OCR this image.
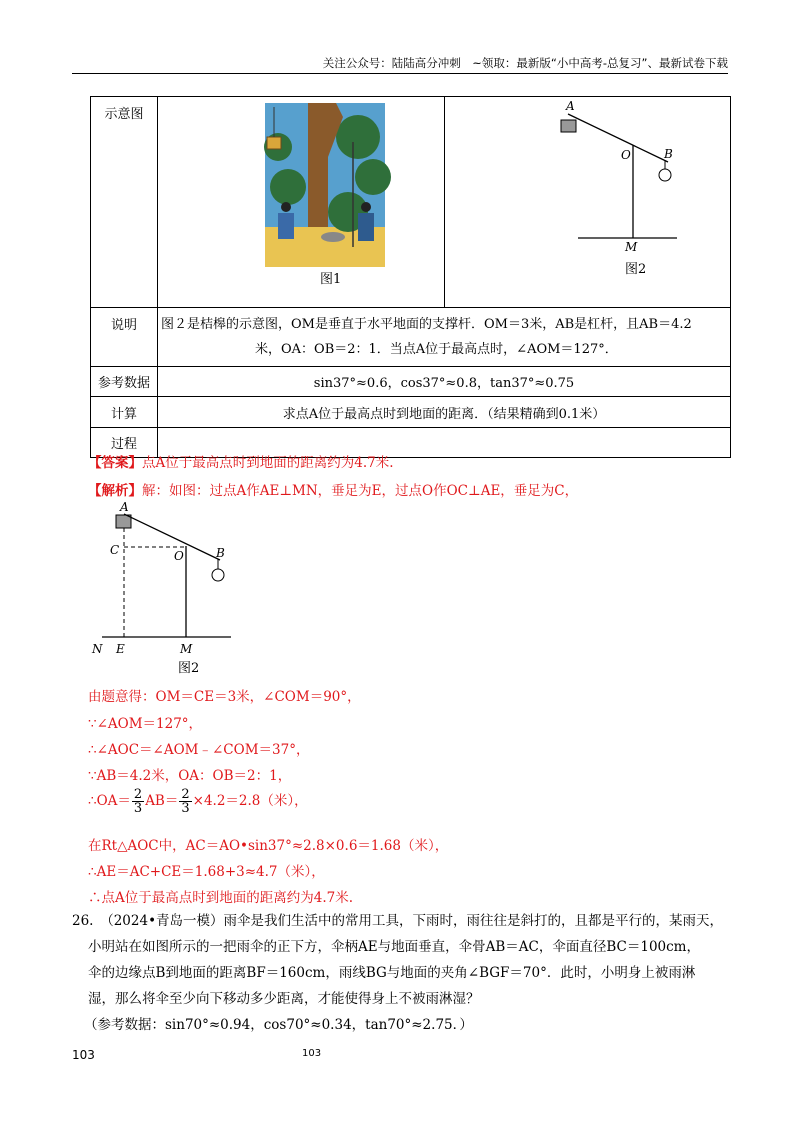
关注公众号：陆陆高分冲刺　~领取：最新版“小中高考-总复习”、最新试卷下载
示意图	图1	A
O B
M
图2

说明	图２是桔槔的示意图，OM是垂直于水平地面的支撑杆．OM＝3米，AB是杠杆，且AB＝4.2
米，OA：OB＝2：1．当点A位于最高点时，∠AOM＝127°．	

参考数据	sin37°≈0.6，cos37°≈0.8，tan37°≈0.75	
计算	求点A位于最高点时到地面的距离．（结果精确到0.1米）	
过程		
【答案】点A位于最高点时到地面的距离约为4.7米.
【解析】解：如图：过点A作AE⊥MN，垂足为E，过点O作OC⊥AE，垂足为C，
A
C	O	B
N E	M
图2
由题意得：OM＝CE＝3米，∠COM＝90°，
∵∠AOM＝127°，
∴∠AOC＝∠AOM﹣∠COM＝37°，
∵AB＝4.2米，OA：OB＝2：1，
∴OA＝ $\frac{2}{3} AB= \frac{2}{3} \times 4.2=2.8$（米），
在Rt△AOC中，AC＝AO•sin37°≈2.8×0.6＝1.68（米），
∴AE＝AC+CE＝1.68+3≈4.7（米），
∴点A位于最高点时到地面的距离约为4.7米.
26.　（2024•青岛一模）雨伞是我们生活中的常用工具，下雨时，雨往往是斜打的，且都是平行的，某雨天，
小明站在如图所示的一把雨伞的正下方，伞柄AE与地面垂直，伞骨AB＝AC，伞面直径BC＝100cm，
伞的边缘点B到地面的距离BF＝160cm，雨线BG与地面的夹角∠BGF＝70°．此时，小明身上被雨淋
湿，那么将伞至少向下移动多少距离，才能使得身上不被雨淋湿？
（参考数据：sin70°≈0.94，cos70°≈0.34，tan70°≈2.75．）
103	103
